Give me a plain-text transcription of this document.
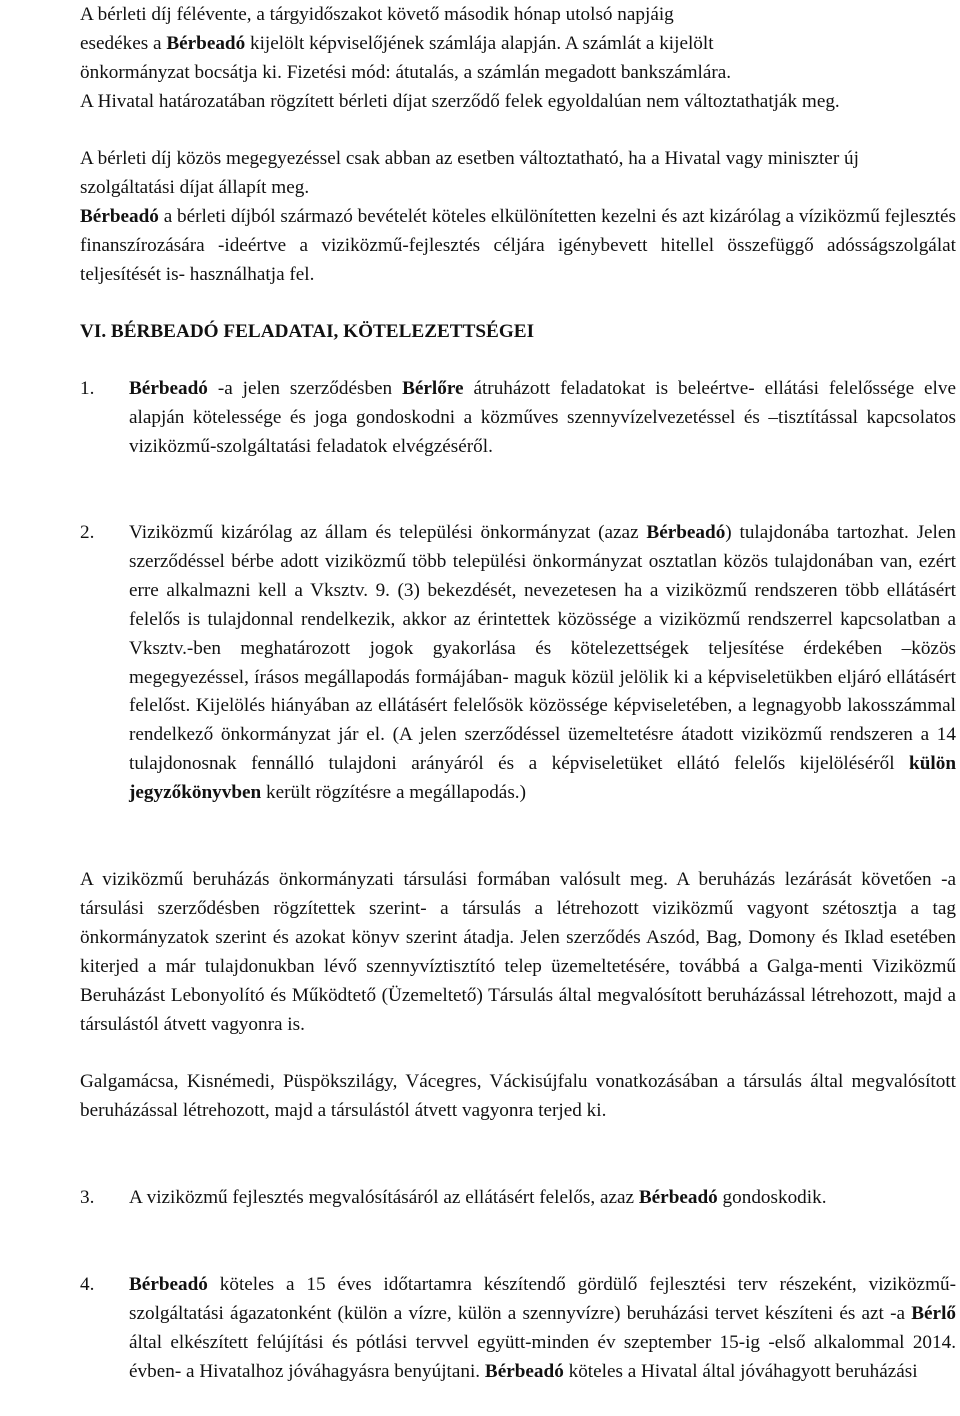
A bérleti díj félévente, a tárgyidőszakot követő második hónap utolsó napjáig
esedékes a Bérbeadó kijelölt képviselőjének számlája alapján. A számlát a kijelölt
önkormányzat bocsátja ki. Fizetési mód: átutalás, a számlán megadott bankszámlára.

A Hivatal határozatában rögzített bérleti díjat szerződő felek egyoldalúan nem változtathatják meg.

A bérleti díj közös megegyezéssel csak abban az esetben változtatható, ha a Hivatal vagy miniszter új szolgáltatási díjat állapít meg.

Bérbeadó a bérleti díjból származó bevételét köteles elkülönítetten kezelni és azt kizárólag a víziközmű fejlesztés finanszírozására -ideértve a viziközmű-fejlesztés céljára igénybevett hitellel összefüggő adósságszolgálat teljesítését is- használhatja fel.

VI. BÉRBEADÓ FELADATAI, KÖTELEZETTSÉGEI
1.	Bérbeadó -a jelen szerződésben Bérlőre átruházott feladatokat is beleértve- ellátási felelőssége elve alapján kötelessége és joga gondoskodni a közműves szennyvízelvezetéssel és –tisztítással kapcsolatos viziközmű-szolgáltatási feladatok elvégzéséről.
2.	Viziközmű kizárólag az állam és települési önkormányzat (azaz Bérbeadó) tulajdonába tartozhat. Jelen szerződéssel bérbe adott viziközmű több települési önkormányzat osztatlan közös tulajdonában van, ezért erre alkalmazni kell a Vksztv. 9. (3) bekezdését, nevezetesen ha a viziközmű rendszeren több ellátásért felelős is tulajdonnal rendelkezik, akkor az érintettek közössége a viziközmű rendszerrel kapcsolatban a Vksztv.-ben meghatározott jogok gyakorlása és kötelezettségek teljesítése érdekében –közös megegyezéssel, írásos megállapodás formájában- maguk közül jelölik ki a képviseletükben eljáró ellátásért felelőst. Kijelölés hiányában az ellátásért felelősök közössége képviseletében, a legnagyobb lakosszámmal rendelkező önkormányzat jár el. (A jelen szerződéssel üzemeltetésre átadott viziközmű rendszeren a 14 tulajdonosnak fennálló tulajdoni arányáról és a képviseletüket ellátó felelős kijelöléséről külön jegyzőkönyvben került rögzítésre a megállapodás.)

A viziközmű beruházás önkormányzati társulási formában valósult meg. A beruházás lezárását követően -a társulási szerződésben rögzítettek szerint- a társulás a létrehozott viziközmű vagyont szétosztja a tag önkormányzatok szerint és azokat könyv szerint átadja. Jelen szerződés Aszód, Bag, Domony és Iklad esetében kiterjed a már tulajdonukban lévő szennyvíztisztító telep üzemeltetésére, továbbá a Galga-menti Viziközmű Beruházást Lebonyolító és Működtető (Üzemeltető) Társulás által megvalósított beruházással létrehozott, majd a társulástól átvett vagyonra is.

Galgamácsa, Kisnémedi, Püspökszilágy, Vácegres, Váckisújfalu vonatkozásában a társulás által megvalósított beruházással létrehozott, majd a társulástól átvett vagyonra terjed ki.

3.	A viziközmű fejlesztés megvalósításáról az ellátásért felelős, azaz Bérbeadó gondoskodik.
4.	Bérbeadó köteles a 15 éves időtartamra készítendő gördülő fejlesztési terv részeként, viziközmű-szolgáltatási ágazatonként (külön a vízre, külön a szennyvízre) beruházási tervet készíteni és azt -a Bérlő által elkészített felújítási és pótlási tervvel együtt-minden év szeptember 15-ig -első alkalommal 2014. évben- a Hivatalhoz jóváhagyásra benyújtani. Bérbeadó köteles a Hivatal által jóváhagyott beruházási
